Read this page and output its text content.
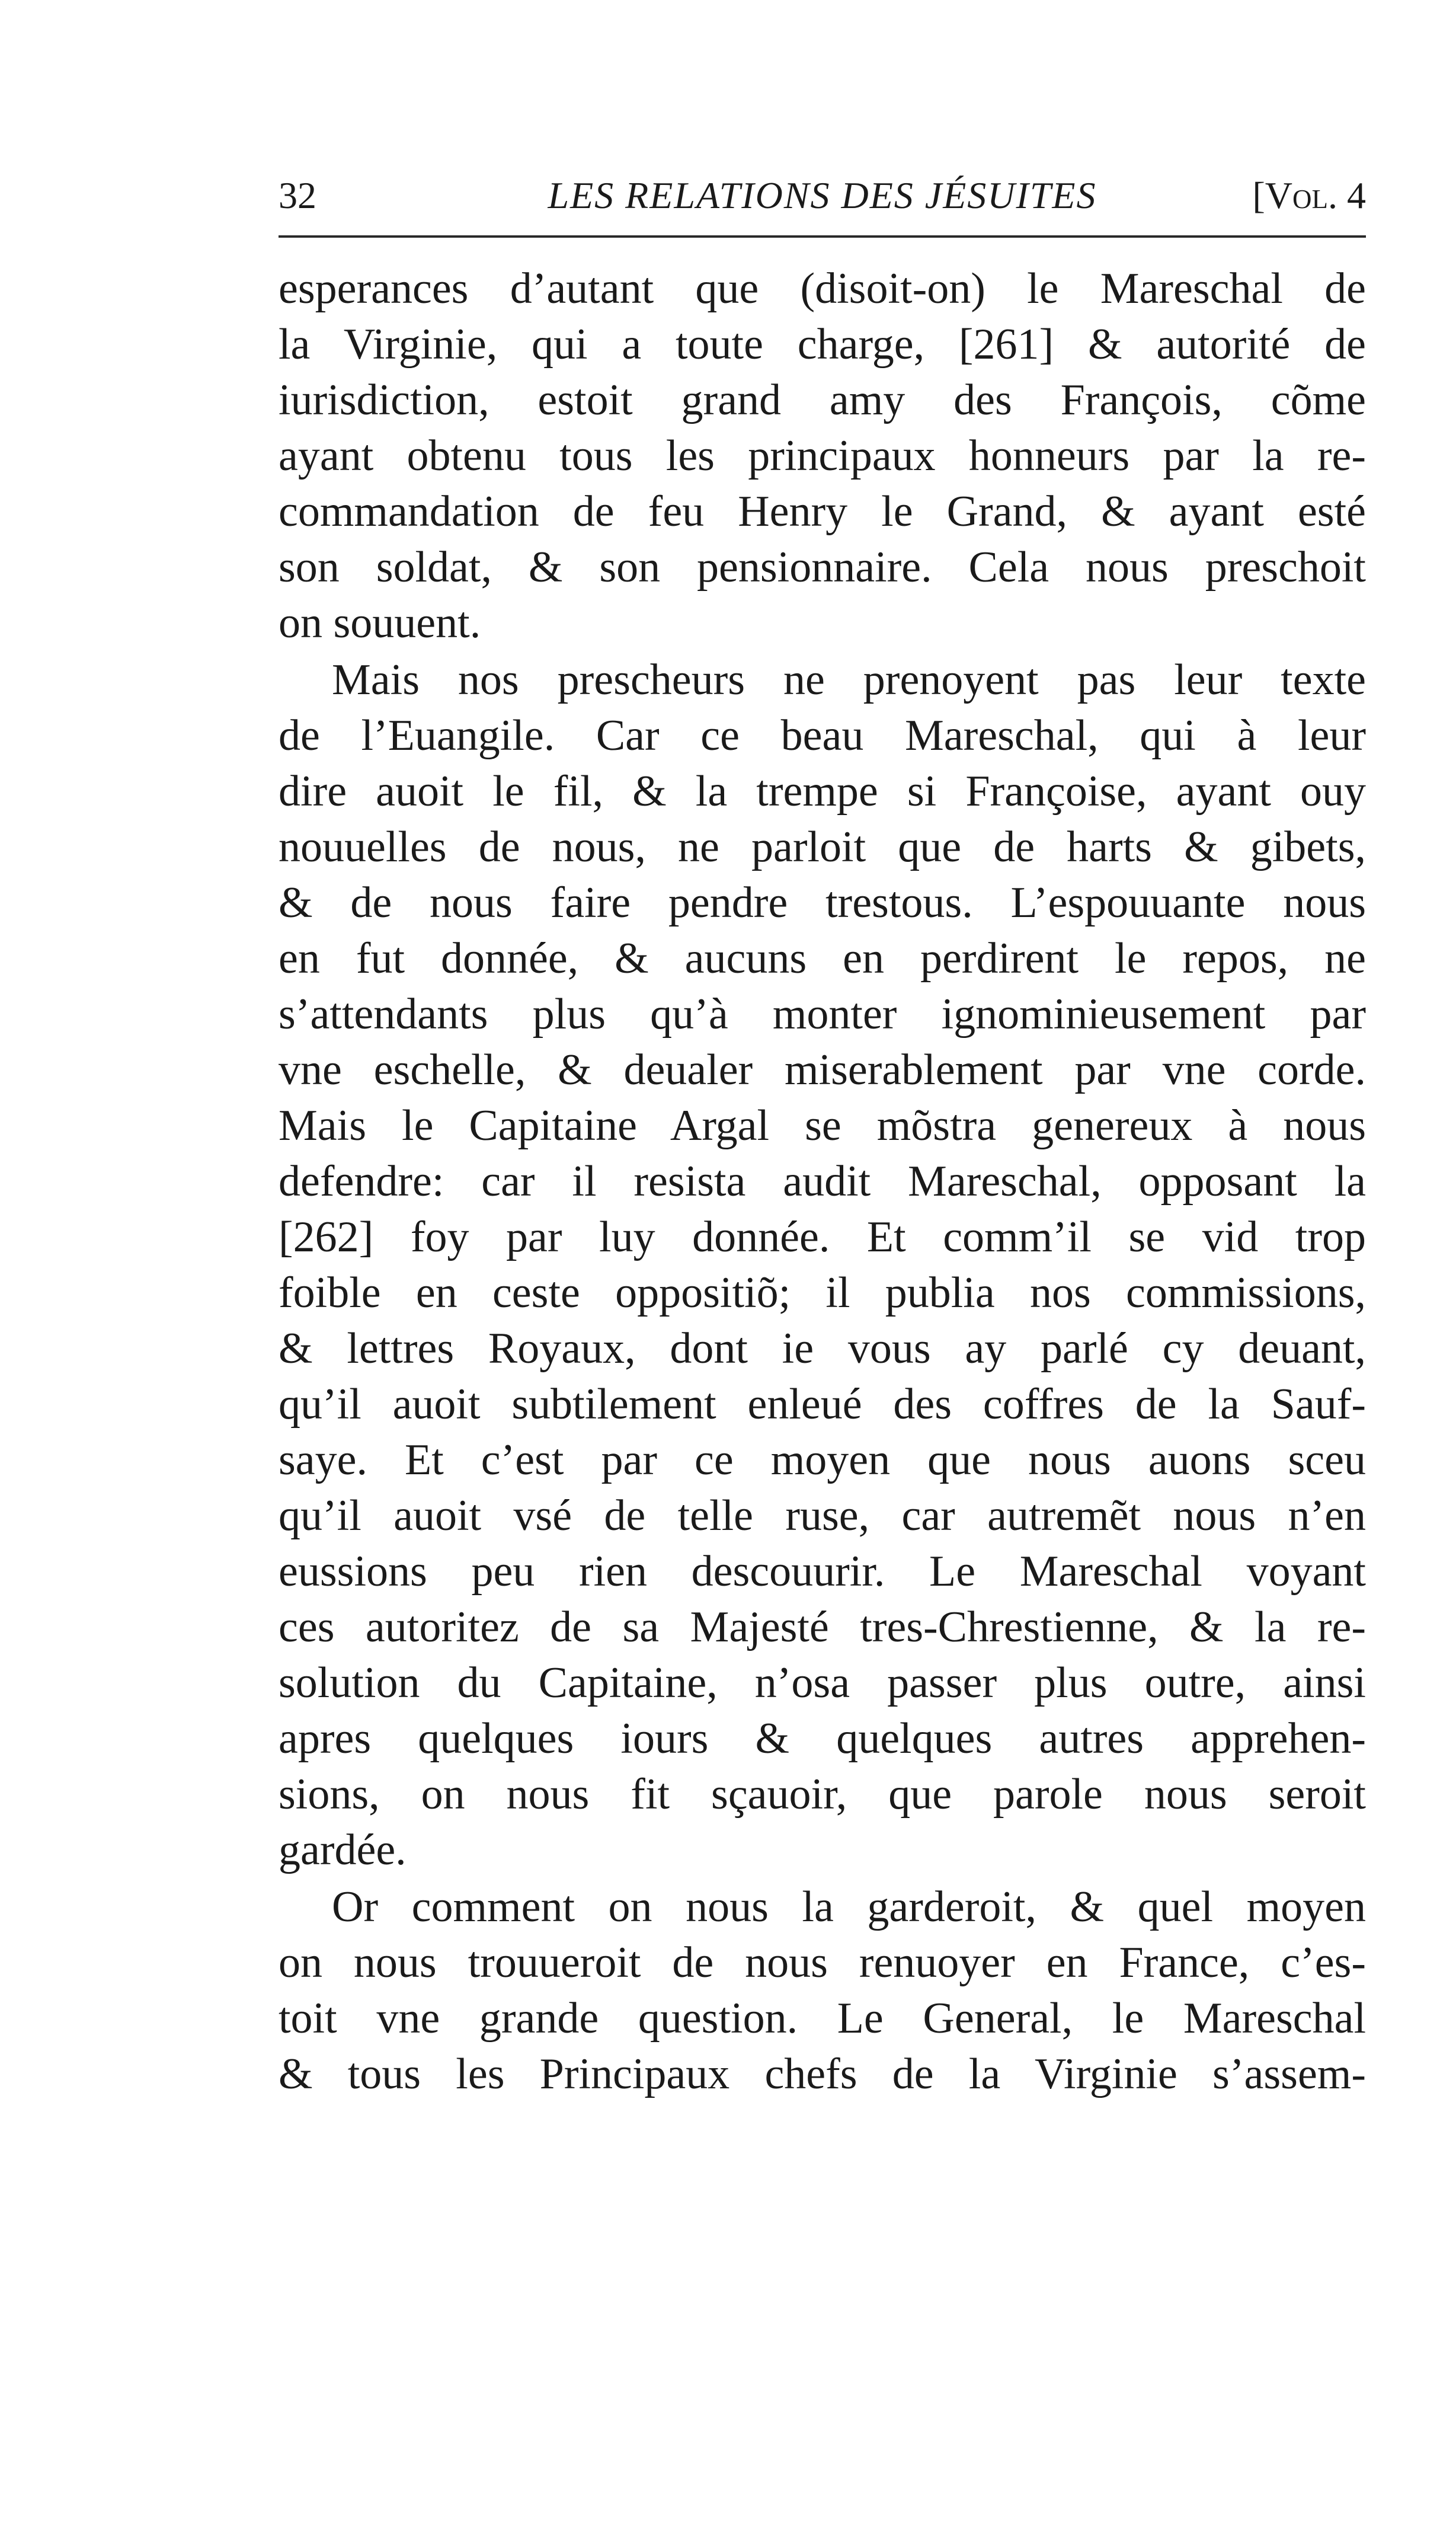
32	LES RELATIONS DES JÉSUITES	[Vol. 4
esperances d’autant que (disoit-on) le Mareschal de
la Virginie, qui a toute charge, [261] & autorité de
iurisdiction, estoit grand amy des François, cõme
ayant obtenu tous les principaux honneurs par la re-
commandation de feu Henry le Grand, & ayant esté
son soldat, & son pensionnaire. Cela nous preschoit
on souuent.
Mais nos prescheurs ne prenoyent pas leur texte
de l’Euangile. Car ce beau Mareschal, qui à leur
dire auoit le fil, & la trempe si Françoise, ayant ouy
nouuelles de nous, ne parloit que de harts & gibets,
& de nous faire pendre trestous. L’espouuante nous
en fut donnée, & aucuns en perdirent le repos, ne
s’attendants plus qu’à monter ignominieusement par
vne eschelle, & deualer miserablement par vne corde.
Mais le Capitaine Argal se mõstra genereux à nous
defendre: car il resista audit Mareschal, opposant la
[262] foy par luy donnée. Et comm’il se vid trop
foible en ceste oppositiõ; il publia nos commissions,
& lettres Royaux, dont ie vous ay parlé cy deuant,
qu’il auoit subtilement enleué des coffres de la Sauf-
saye. Et c’est par ce moyen que nous auons sceu
qu’il auoit vsé de telle ruse, car autremẽt nous n’en
eussions peu rien descouurir. Le Mareschal voyant
ces autoritez de sa Majesté tres-Chrestienne, & la re-
solution du Capitaine, n’osa passer plus outre, ainsi
apres quelques iours & quelques autres apprehen-
sions, on nous fit sçauoir, que parole nous seroit
gardée.
Or comment on nous la garderoit, & quel moyen
on nous trouueroit de nous renuoyer en France, c’es-
toit vne grande question. Le General, le Mareschal
& tous les Principaux chefs de la Virginie s’assem-
